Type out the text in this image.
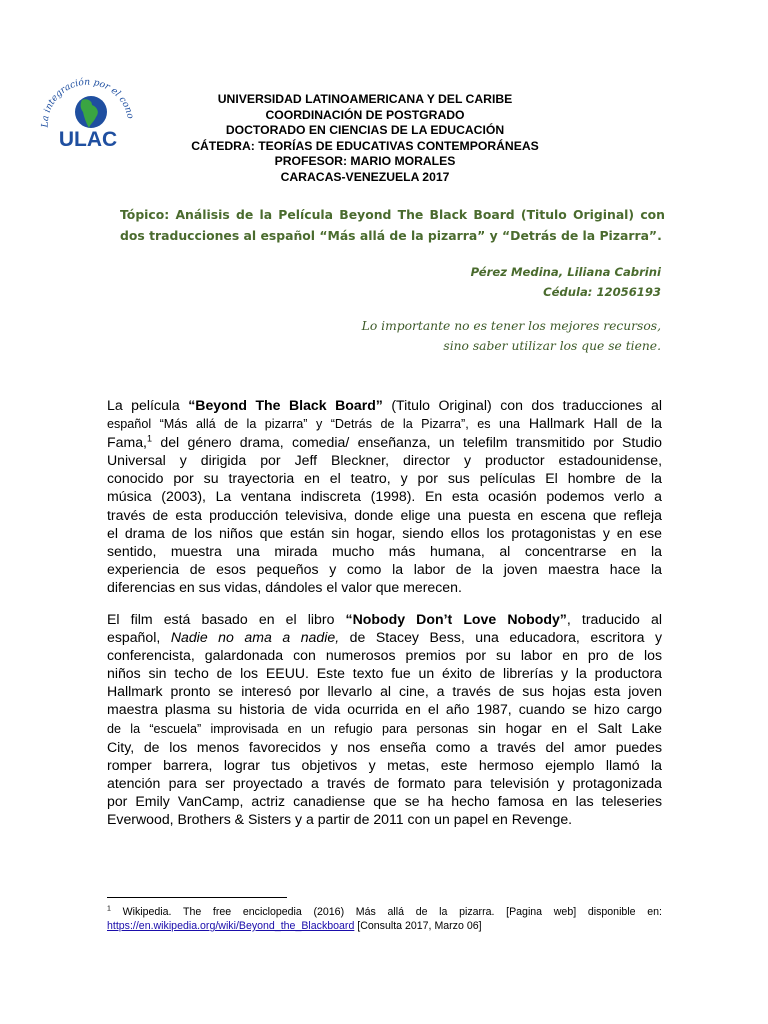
La integración por el cono
ULAC
UNIVERSIDAD LATINOAMERICANA Y DEL CARIBE
COORDINACIÓN DE POSTGRADO
DOCTORADO EN CIENCIAS DE LA EDUCACIÓN
CÁTEDRA: TEORÍAS DE EDUCATIVAS CONTEMPORÁNEAS
PROFESOR: MARIO MORALES
CARACAS-VENEZUELA 2017
Tópico: Análisis de la Película Beyond The Black Board (Titulo Original) con
dos traducciones al español “Más allá de la pizarra” y “Detrás de la Pizarra”.
Pérez Medina, Liliana Cabrini
Cédula: 12056193
Lo importante no es tener los mejores recursos,
sino saber utilizar los que se tiene.
La película “Beyond The Black Board” (Titulo Original) con dos traducciones al
español “Más allá de la pizarra” y “Detrás de la Pizarra”, es una Hallmark Hall de la
Fama,$^1$ del género drama, comedia/ enseñanza, un telefilm transmitido por Studio
Universal y dirigida por Jeff Bleckner, director y productor estadounidense,
conocido por su trayectoria en el teatro, y por sus películas El hombre de la
música (2003), La ventana indiscreta (1998). En esta ocasión podemos verlo a
través de esta producción televisiva, donde elige una puesta en escena que refleja
el drama de los niños que están sin hogar, siendo ellos los protagonistas y en ese
sentido, muestra una mirada mucho más humana, al concentrarse en la
experiencia de esos pequeños y como la labor de la joven maestra hace la
diferencias en sus vidas, dándoles el valor que merecen.
El film está basado en el libro “Nobody Don’t Love Nobody”, traducido al
español, Nadie no ama a nadie, de Stacey Bess, una educadora, escritora y
conferencista, galardonada con numerosos premios por su labor en pro de los
niños sin techo de los EEUU. Este texto fue un éxito de librerías y la productora
Hallmark pronto se interesó por llevarlo al cine, a través de sus hojas esta joven
maestra plasma su historia de vida ocurrida en el año 1987, cuando se hizo cargo
de la “escuela” improvisada en un refugio para personas sin hogar en el Salt Lake
City, de los menos favorecidos y nos enseña como a través del amor puedes
romper barrera, lograr tus objetivos y metas, este hermoso ejemplo llamó la
atención para ser proyectado a través de formato para televisión y protagonizada
por Emily VanCamp, actriz canadiense que se ha hecho famosa en las teleseries
Everwood, Brothers & Sisters y a partir de 2011 con un papel en Revenge.
$^1$ Wikipedia. The free enciclopedia (2016) Más allá de la pizarra. [Pagina web] disponible en: https://en.wikipedia.org/wiki/Beyond_the_Blackboard [Consulta 2017, Marzo 06]
